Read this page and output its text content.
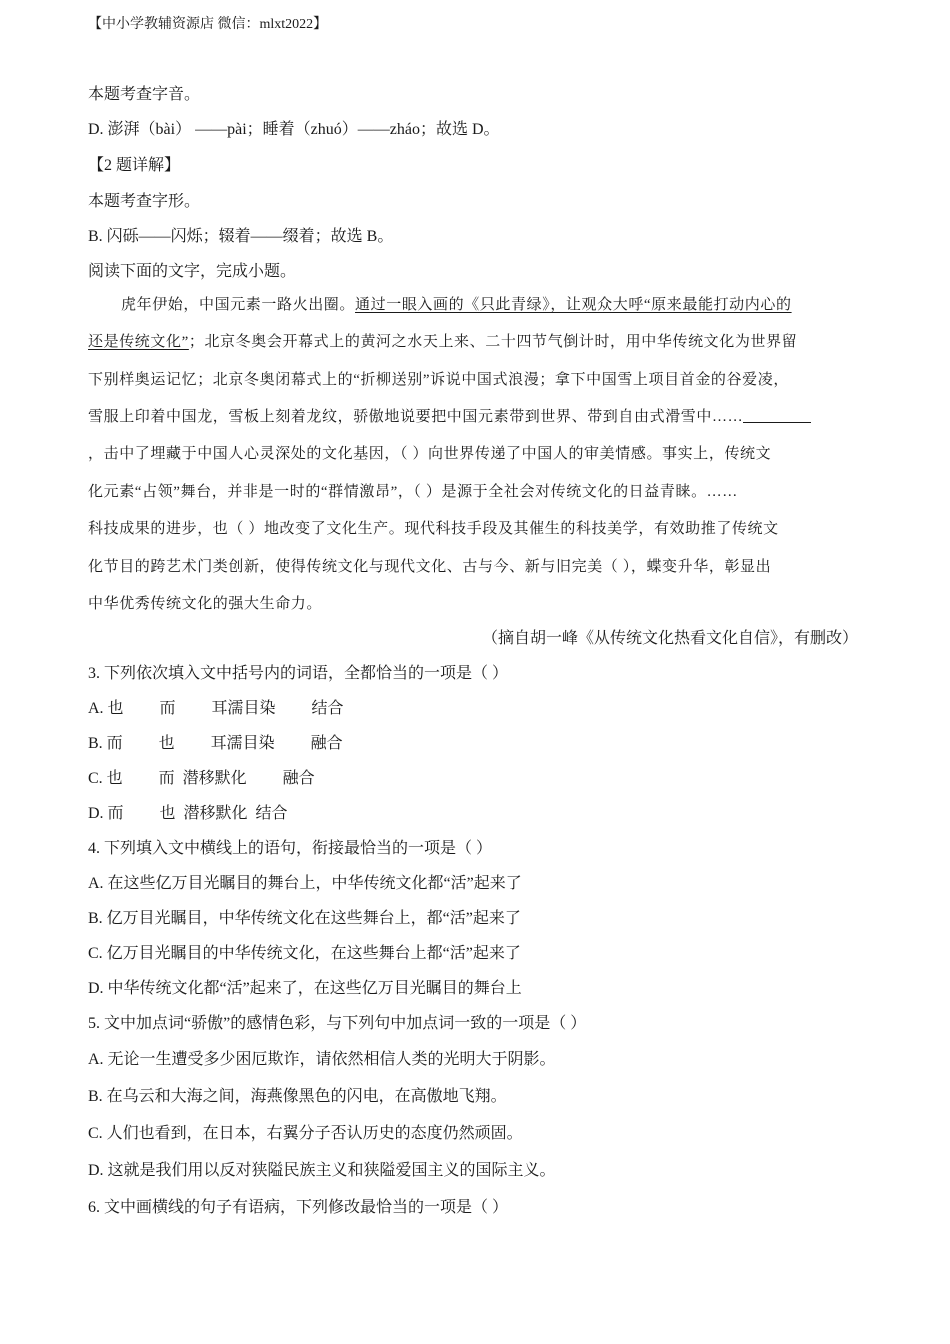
【中小学教辅资源店 微信：mlxt2022】
本题考查字音。
D. 澎湃（bài） ——pài；睡着（zhuó）——zháo；故选 D。
【2 题详解】
本题考查字形。
B. 闪砾——闪烁；辍着——缀着；故选 B。
阅读下面的文字，完成小题。
虎年伊始，中国元素一路火出圈。通过一眼入画的《只此青绿》，让观众大呼“原来最能打动内心的
还是传统文化”；北京冬奥会开幕式上的黄河之水天上来、二十四节气倒计时，用中华传统文化为世界留
下别样奥运记忆；北京冬奥闭幕式上的“折柳送别”诉说中国式浪漫；拿下中国雪上项目首金的谷爱凌，
雪服上印着中国龙，雪板上刻着龙纹，骄傲地说要把中国元素带到世界、带到自由式滑雪中……
，击中了埋藏于中国人心灵深处的文化基因，（ ）向世界传递了中国人的审美情感。事实上，传统文
化元素“占领”舞台，并非是一时的“群情激昂”，（ ）是源于全社会对传统文化的日益青睐。……
科技成果的进步，也（ ）地改变了文化生产。现代科技手段及其催生的科技美学，有效助推了传统文
化节目的跨艺术门类创新，使得传统文化与现代文化、古与今、新与旧完美（ ），蝶变升华，彰显出
中华优秀传统文化的强大生命力。
（摘自胡一峰《从传统文化热看文化自信》，有删改）
3. 下列依次填入文中括号内的词语，全都恰当的一项是（ ）
A. 也         而         耳濡目染         结合
B. 而         也         耳濡目染         融合
C. 也         而  潜移默化         融合
D. 而         也  潜移默化  结合
4. 下列填入文中横线上的语句，衔接最恰当的一项是（ ）
A. 在这些亿万目光瞩目的舞台上，中华传统文化都“活”起来了
B. 亿万目光瞩目，中华传统文化在这些舞台上，都“活”起来了
C. 亿万目光瞩目的中华传统文化，在这些舞台上都“活”起来了
D. 中华传统文化都“活”起来了，在这些亿万目光瞩目的舞台上
5. 文中加点词“骄傲”的感情色彩，与下列句中加点词一致的一项是（ ）
A. 无论一生遭受多少困厄欺诈，请依然相信人类的光明大于阴影。
B. 在乌云和大海之间，海燕像黑色的闪电，在高傲地飞翔。
C. 人们也看到，在日本，右翼分子否认历史的态度仍然顽固。
D. 这就是我们用以反对狭隘民族主义和狭隘爱国主义的国际主义。
6. 文中画横线的句子有语病，下列修改最恰当的一项是（ ）
